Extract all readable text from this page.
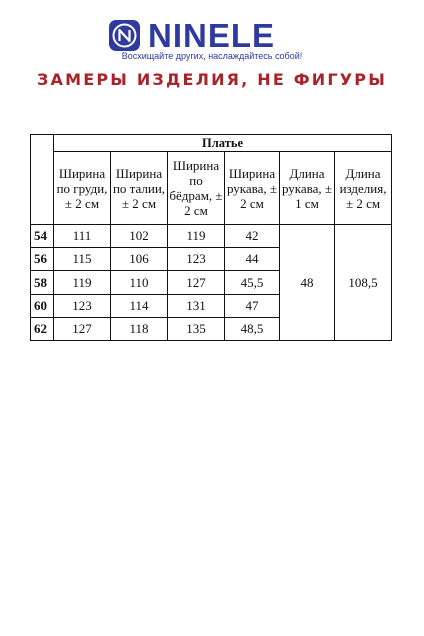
NINELE
Восхищайте других, наслаждайтесь собой!
ЗАМЕРЫ ИЗДЕЛИЯ, НЕ ФИГУРЫ
	Платье					
	Ширина по груди, ± 2 см	Ширина по талии, ± 2 см	Ширина по бёдрам, ± 2 см	Ширина рукава, ± 2 см	Длина рукава, ± 1 см	Длина изделия, ± 2 см
54	111	102	119	42	48	108,5
56	115	106	123	44		
58	119	110	127	45,5		
60	123	114	131	47		
62	127	118	135	48,5		
